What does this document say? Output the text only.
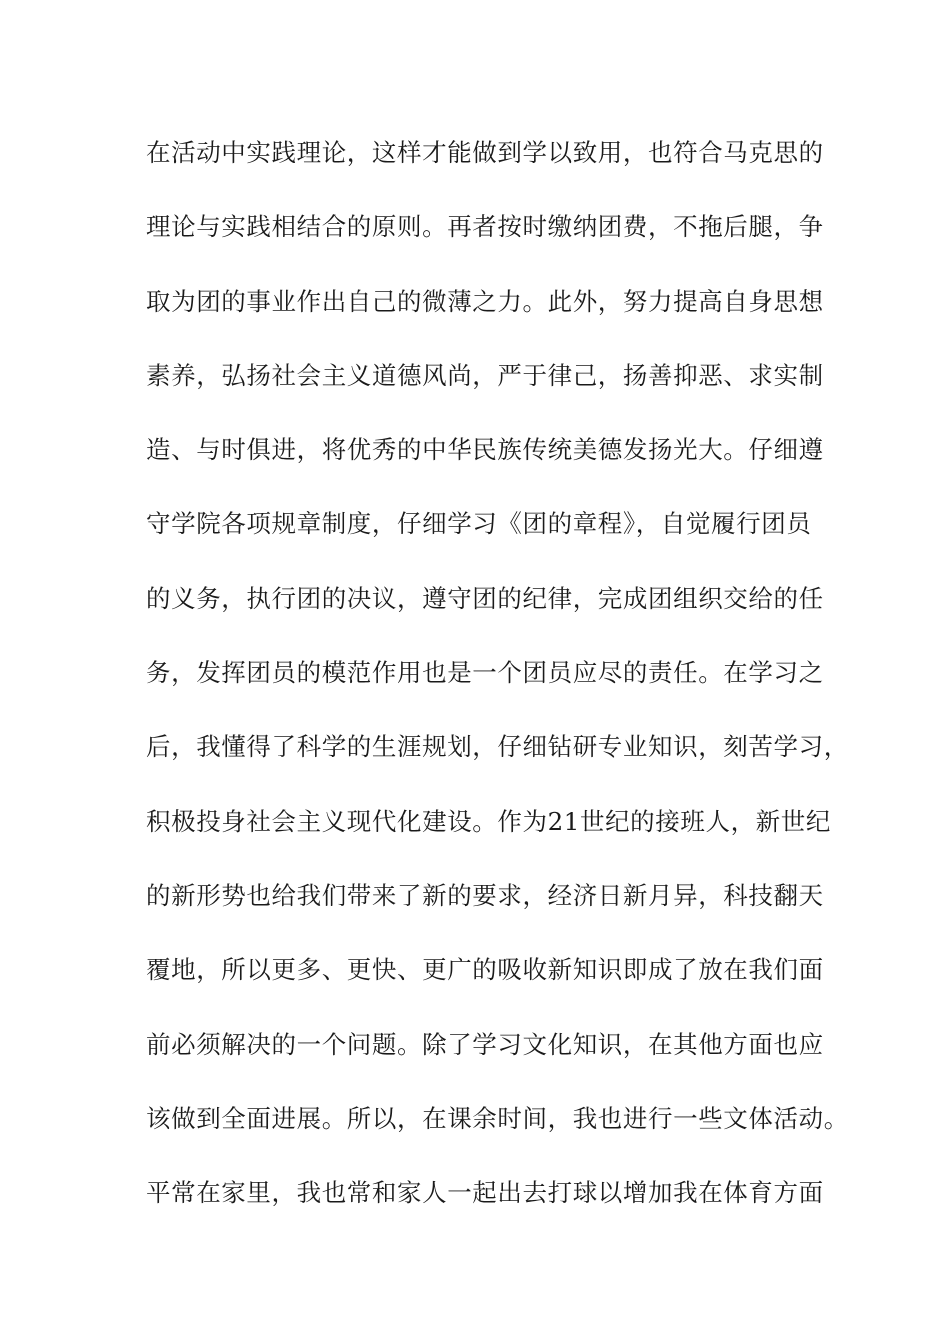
在活动中实践理论，这样才能做到学以致用，也符合马克思的
理论与实践相结合的原则。再者按时缴纳团费，不拖后腿，争
取为团的事业作出自己的微薄之力。此外，努力提高自身思想
素养，弘扬社会主义道德风尚，严于律己，扬善抑恶、求实制
造、与时俱进，将优秀的中华民族传统美德发扬光大。仔细遵
守学院各项规章制度，仔细学习《团的章程》，自觉履行团员
的义务，执行团的决议，遵守团的纪律，完成团组织交给的任
务，发挥团员的模范作用也是一个团员应尽的责任。在学习之
后，我懂得了科学的生涯规划，仔细钻研专业知识，刻苦学习，
积极投身社会主义现代化建设。作为21世纪的接班人，新世纪
的新形势也给我们带来了新的要求，经济日新月异，科技翻天
覆地，所以更多、更快、更广的吸收新知识即成了放在我们面
前必须解决的一个问题。除了学习文化知识，在其他方面也应
该做到全面进展。所以，在课余时间，我也进行一些文体活动。
平常在家里，我也常和家人一起出去打球以增加我在体育方面
